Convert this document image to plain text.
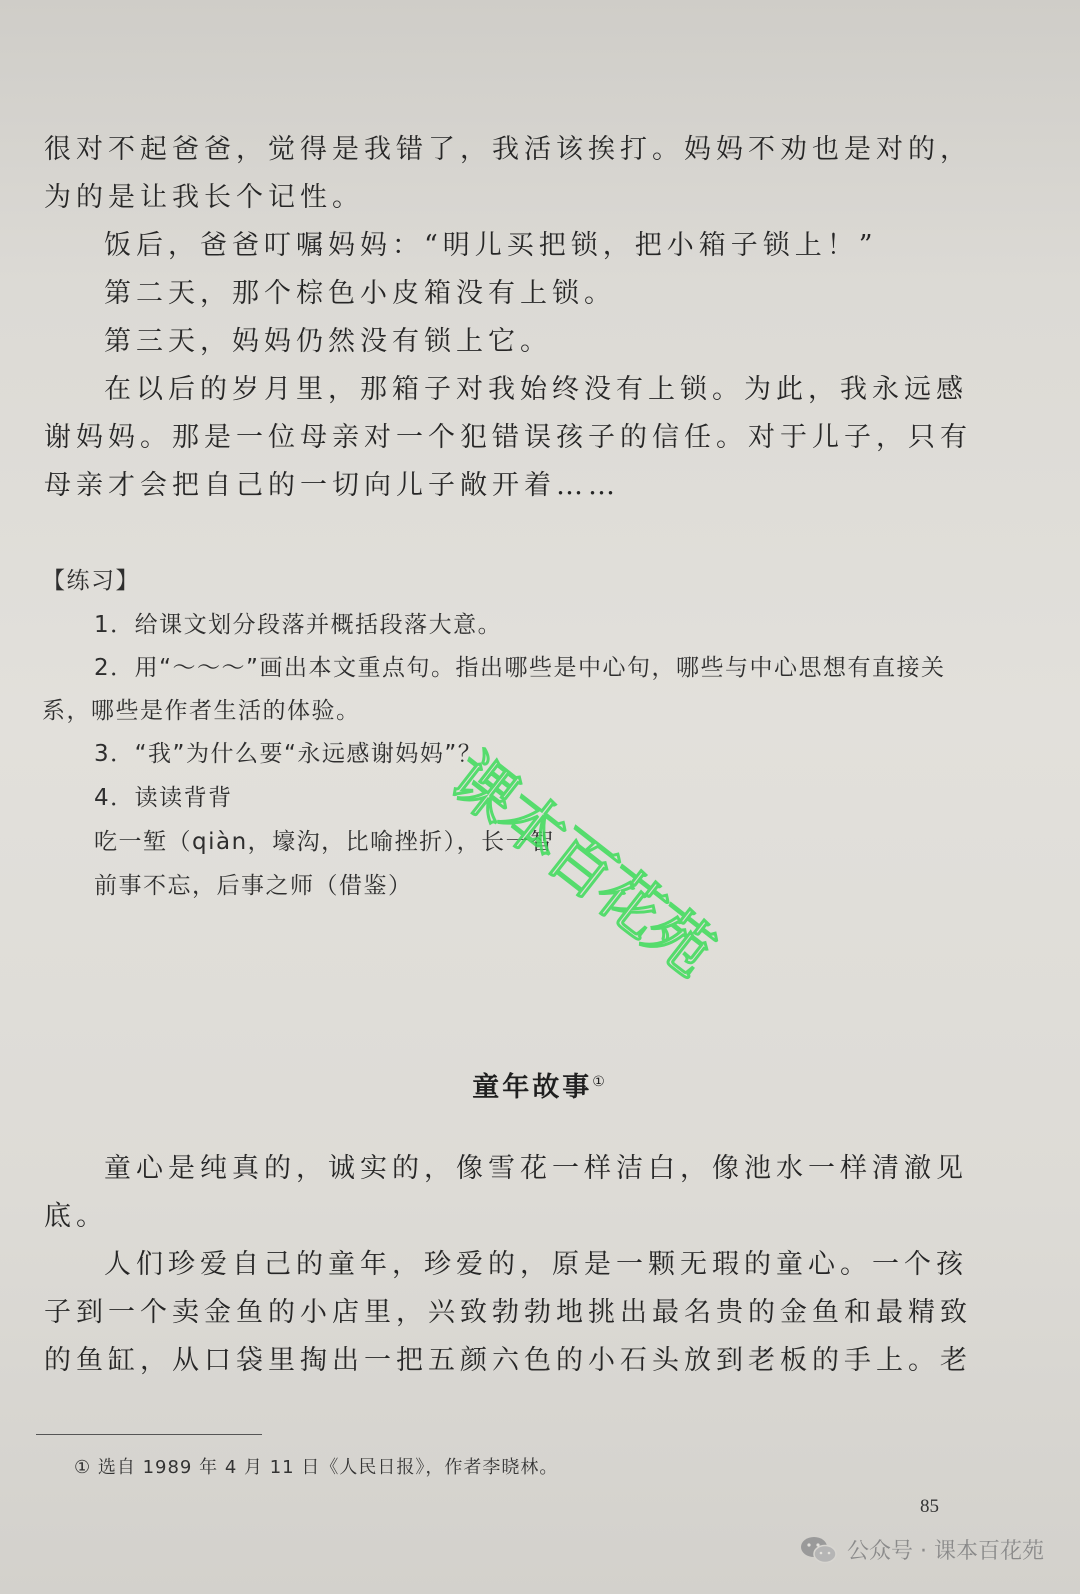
很对不起爸爸，觉得是我错了，我活该挨打。妈妈不劝也是对的，为的是让我长个记性。
饭后，爸爸叮嘱妈妈：“明儿买把锁，把小箱子锁上！”
第二天，那个棕色小皮箱没有上锁。
第三天，妈妈仍然没有锁上它。
在以后的岁月里，那箱子对我始终没有上锁。为此，我永远感谢妈妈。那是一位母亲对一个犯错误孩子的信任。对于儿子，只有母亲才会把自己的一切向儿子敞开着……
【练习】
1．给课文划分段落并概括段落大意。
2．用“～～～”画出本文重点句。指出哪些是中心句，哪些与中心思想有直接关系，哪些是作者生活的体验。
3．“我”为什么要“永远感谢妈妈”？
4．读读背背
吃一堑（qiàn，壕沟，比喻挫折），长一智
前事不忘，后事之师（借鉴）
课
本
百
花
苑
童年故事①
童心是纯真的，诚实的，像雪花一样洁白，像池水一样清澈见底。
人们珍爱自己的童年，珍爱的，原是一颗无瑕的童心。一个孩子到一个卖金鱼的小店里，兴致勃勃地挑出最名贵的金鱼和最精致的鱼缸，从口袋里掏出一把五颜六色的小石头放到老板的手上。老
① 选自 1989 年 4 月 11 日《人民日报》，作者李晓林。
85
公众号 · 课本百花苑
